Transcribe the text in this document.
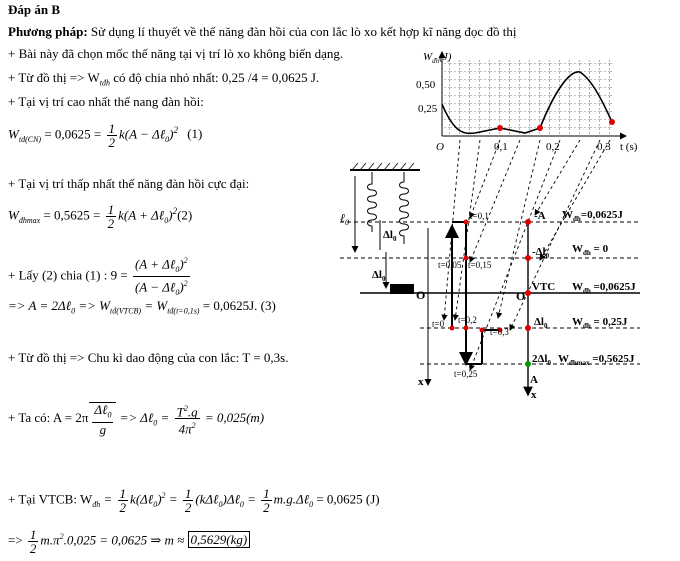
Đáp án B
Phương pháp: Sử dụng lí thuyết về thế năng đàn hồi của con lắc lò xo kết hợp kĩ năng đọc đồ thị
+ Bài này đã chọn mốc thế năng tại vị trí lò xo không biến dạng.
+ Từ đồ thị => $W_{tđh}$ có độ chia nhỏ nhất: 0,25 /4 = 0,0625 J.
+ Tại vị trí cao nhất thế nang đàn hồi:
$W_{tđ(CN)} = 0,0625 = \frac{1}{2} k(A$ − Δℓ$_0$)$^2$ (1)
+ Tại vị trí thấp nhất thế năng đàn hồi cực đại:
$W_{đhmax} = 0,5625 = \frac{1}{2} k(A$ + Δℓ$_0$)$^2$(2)
+ Lấy (2) chia (1) : $9 = \frac{(A + \Delta\ell_0)^2}{(A - \Delta\ell_0)^2}$
=> A = 2Δℓ$_0$ => $W_{tđ(VTCB)} = W_{tđ(t=0,1s)} = 0,0625J$. (3)
+ Từ đồ thị => Chu kì dao động của con lắc: T = 0,3s.
+ Ta có: $A = 2\pi \frac{\Delta\ell_0}{g}$ => Δℓ$_0$ = $\frac{T^2.g}{4\pi^2} = 0,025(m)$
+ Tại VTCB: $W_{đh} = \frac{1}{2}$ k(Δℓ$_0$)$^2$ = $\frac{1}{2}$ (kΔℓ$_0$)Δℓ$_0$ = $\frac{1}{2}$ m.g.Δℓ$_0$ = 0,0625 (J)
=> $\frac{1}{2} m.\pi^2.0,025 = 0,0625$ ⇒ m ≈ 0,5629(kg)
$W_{đh}(J)$
0,50
0,25
O	0,1	0,2	0,3 t (s)
ℓ$_0$
$\Delta l_0$
$\Delta l_0$
x
O
t=0,1
t=0,05 t=0,15
t=0,2
t=0,3
t=0
t=0,25
-A
$-\Delta l_0$
VTC
O
$\Delta l_0$
$2\Delta l_0$
A
x
$W_{đh}=0,0625J$
$W_{đh} = 0$
$W_{đh} =0,0625J$
$W_{đh} = 0,25J$
$W_{đhmax} =0,5625J$
